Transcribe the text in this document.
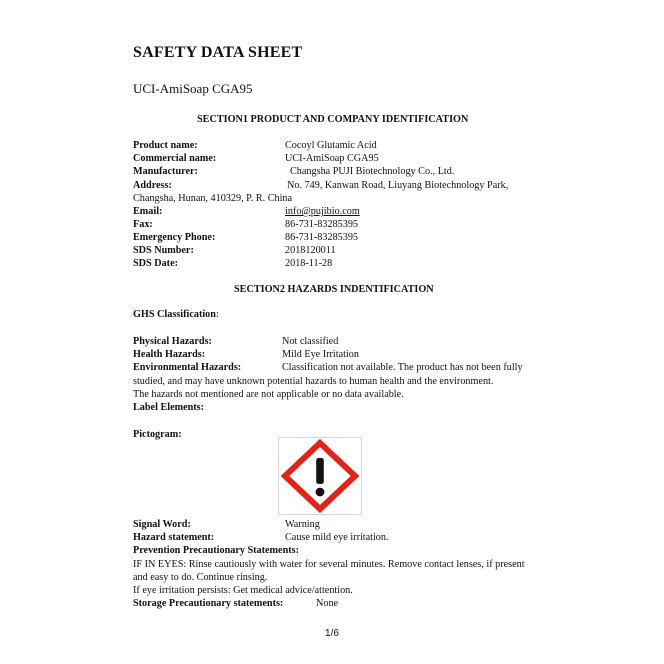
SAFETY DATA SHEET
UCI-AmiSoap CGA95
SECTION1 PRODUCT AND COMPANY IDENTIFICATION
Product name:	Cocoyl Glutamic Acid
Commercial name:	UCI-AmiSoap CGA95
Manufacturer:	Changsha PUJI Biotechnology Co., Ltd.
Address:	No. 749, Kanwan Road, Liuyang Biotechnology Park,
Changsha, Hunan, 410329, P. R. China
Email:	info@pujibio.com
Fax:	86-731-83285395
Emergency Phone:	86-731-83285395
SDS Number:	2018120011
SDS Date:	2018-11-28
SECTION2 HAZARDS INDENTIFICATION
GHS Classification:
Physical Hazards:	Not classified
Health Hazards:	Mild Eye Irritation
Environmental Hazards:	Classification not available. The product has not been fully
studied, and may have unknown potential hazards to human health and the environment.
The hazards not mentioned are not applicable or no data available.
Label Elements:
Pictogram:
Signal Word:	Warning
Hazard statement:	Cause mild eye irritation.
Prevention Precautionary Statements:
IF IN EYES: Rinse cautiously with water for several minutes. Remove contact lenses, if present
and easy to do. Continue rinsing.
If eye irritation persists: Get medical advice/attention.
Storage Precautionary statements:	None
1/6
